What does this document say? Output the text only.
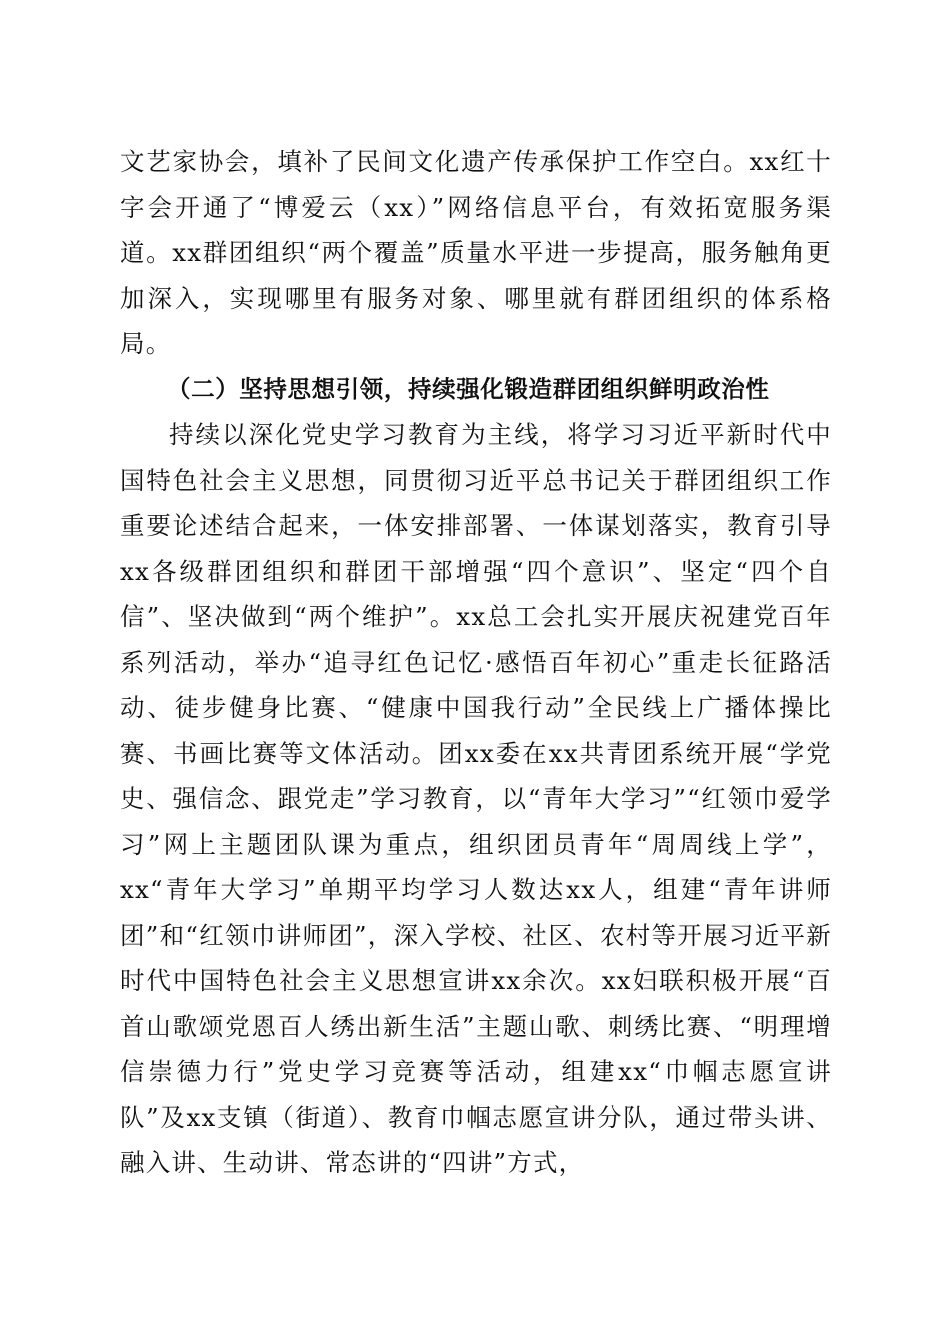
文艺家协会，填补了民间文化遗产传承保护工作空白。xx红十字会开通了“博爱云（xx）”网络信息平台，有效拓宽服务渠道。xx群团组织“两个覆盖”质量水平进一步提高，服务触角更加深入，实现哪里有服务对象、哪里就有群团组织的体系格局。

（二）坚持思想引领，持续强化锻造群团组织鲜明政治性

持续以深化党史学习教育为主线，将学习习近平新时代中国特色社会主义思想，同贯彻习近平总书记关于群团组织工作重要论述结合起来，一体安排部署、一体谋划落实，教育引导xx各级群团组织和群团干部增强“四个意识”、坚定“四个自信”、坚决做到“两个维护”。xx总工会扎实开展庆祝建党百年系列活动，举办“追寻红色记忆·感悟百年初心”重走长征路活动、徒步健身比赛、“健康中国我行动”全民线上广播体操比赛、书画比赛等文体活动。团xx委在xx共青团系统开展“学党史、强信念、跟党走”学习教育，以“青年大学习”“红领巾爱学习”网上主题团队课为重点，组织团员青年“周周线上学”，xx“青年大学习”单期平均学习人数达xx人，组建“青年讲师团”和“红领巾讲师团”，深入学校、社区、农村等开展习近平新时代中国特色社会主义思想宣讲xx余次。xx妇联积极开展“百首山歌颂党恩百人绣出新生活”主题山歌、刺绣比赛、“明理增信崇德力行”党史学习竞赛等活动，组建xx“巾帼志愿宣讲队”及xx支镇（街道）、教育巾帼志愿宣讲分队，通过带头讲、融入讲、生动讲、常态讲的“四讲”方式，
